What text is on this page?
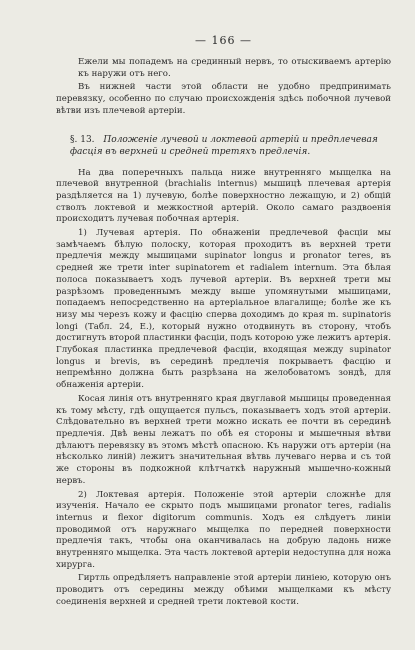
— 166 —

Ежели мы попадемъ на срединный нервъ, то отыскиваемъ артерію къ наружи отъ него.

Въ нижней части этой области не удобно предпринимать перевязку, особенно по случаю происхожденія здѣсь побочной лучевой вѣтви изъ плечевой артеріи.

§. 13. Положеніе лучевой и локтевой артерій и предплечевая фасція въ верхней и средней третяхъ предлечія.

На два поперечныхъ пальца ниже внутренняго мыщелка на плечевой внутренной (brachialis internus) мышицѣ плечевая артерія раздѣляется на 1) лучевую, болѣе поверхностно лежащую, и 2) общій стволъ локтевой и межкостной артерій. Около самаго раздвоенія происходитъ лучевая побочная артерія.

1) Лучевая артерія. По обнаженіи предлечевой фасціи мы замѣчаемъ бѣлую полоску, которая проходитъ въ верхней трети предлечія между мышицами supinator longus и pronator teres, въ средней же трети inter supinatorem et radialem internum. Эта бѣлая полоса показываетъ ходъ лучевой артеріи. Въ верхней трети мы разрѣзомъ проведеннымъ между выше упомянутыми мышицами, попадаемъ непосредственно на артеріальное влагалище; болѣе же къ низу мы черезъ кожу и фасцію сперва доходимъ до края m. supinatoris longi (Табл. 24, Е.), который нужно отодвинуть въ сторону, чтобъ достигнуть второй пластинки фасціи, подъ которою уже лежитъ артерія. Глубокая пластинка предлечевой фасціи, входящая между supinator longus и brevis, въ серединѣ предлечія покрываетъ фасцію и непремѣнно должна быть разрѣзана на желобоватомъ зондѣ, для обнаженія артеріи.

Косая линія отъ внутренняго края двуглавой мышицы проведенная къ тому мѣсту, гдѣ ощущается пульсъ, показываетъ ходъ этой артеріи. Слѣдовательно въ верхней трети можно искать ее почти въ серединѣ предлечія. Двѣ вены лежатъ по обѣ ея стороны и мышечныя вѣтви дѣлаютъ перевязку въ этомъ мѣстѣ опасною. Къ наружи отъ артеріи (на нѣсколько линій) лежитъ значительная вѣтвь лучеваго нерва и съ той же стороны въ подкожной клѣтчаткѣ наружный мышечно-кожный нервъ.

2) Локтевая артерія. Положеніе этой артеріи сложнѣе для изученія. Начало ее скрыто подъ мышицами pronator teres, radialis internus и flexor digitorum communis. Ходъ ея слѣдуетъ линіи проводимой отъ наружнаго мыщелка по передней поверхности предлечія такъ, чтобы она оканчивалась на добрую ладонь ниже внутренняго мыщелка. Эта часть локтевой артеріи недоступна для ножа хирурга.

Гиртль опредѣляетъ направленіе этой артеріи линіею, которую онъ проводитъ отъ середины между обѣими мыщелками къ мѣсту соединенія верхней и средней трети локтевой кости.
